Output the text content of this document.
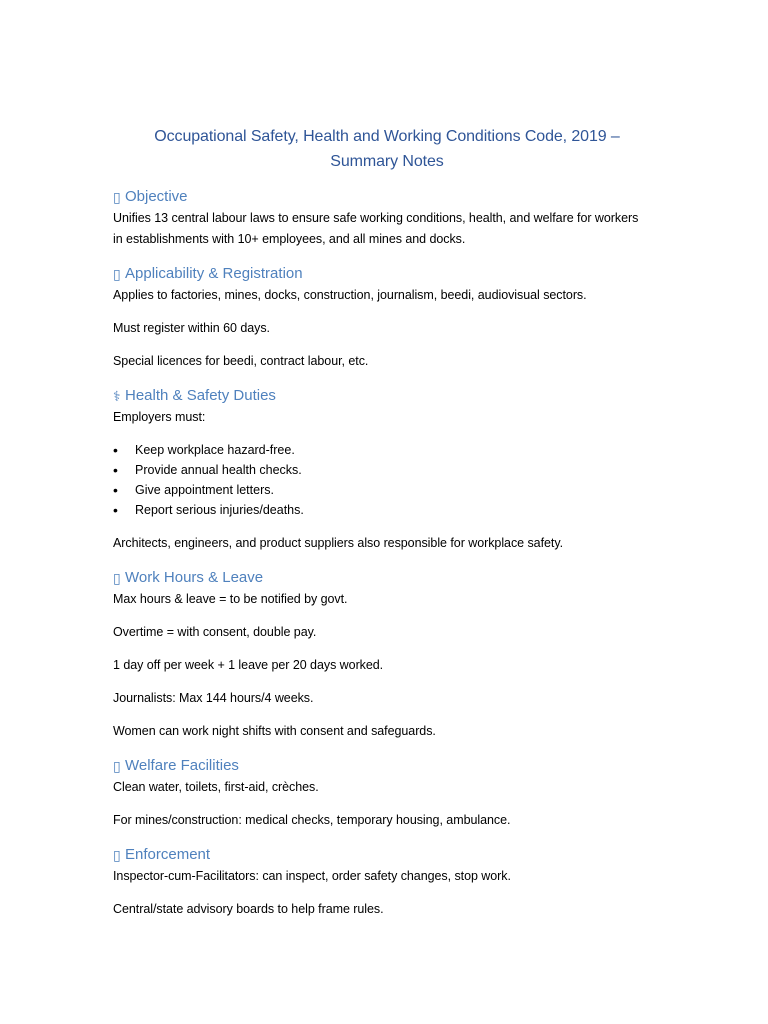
Occupational Safety, Health and Working Conditions Code, 2019 –
Summary Notes
▯ Objective

Unifies 13 central labour laws to ensure safe working conditions, health, and welfare for workers

in establishments with 10+ employees, and all mines and docks.

▯ Applicability & Registration

Applies to factories, mines, docks, construction, journalism, beedi, audiovisual sectors.

Must register within 60 days.

Special licences for beedi, contract labour, etc.

⚕ Health & Safety Duties

Employers must:

• Keep workplace hazard-free.
• Provide annual health checks.
• Give appointment letters.
• Report serious injuries/deaths.

Architects, engineers, and product suppliers also responsible for workplace safety.

▯ Work Hours & Leave

Max hours & leave = to be notified by govt.

Overtime = with consent, double pay.

1 day off per week + 1 leave per 20 days worked.

Journalists: Max 144 hours/4 weeks.

Women can work night shifts with consent and safeguards.

▯ Welfare Facilities

Clean water, toilets, first-aid, crèches.

For mines/construction: medical checks, temporary housing, ambulance.

▯ Enforcement

Inspector-cum-Facilitators: can inspect, order safety changes, stop work.

Central/state advisory boards to help frame rules.
